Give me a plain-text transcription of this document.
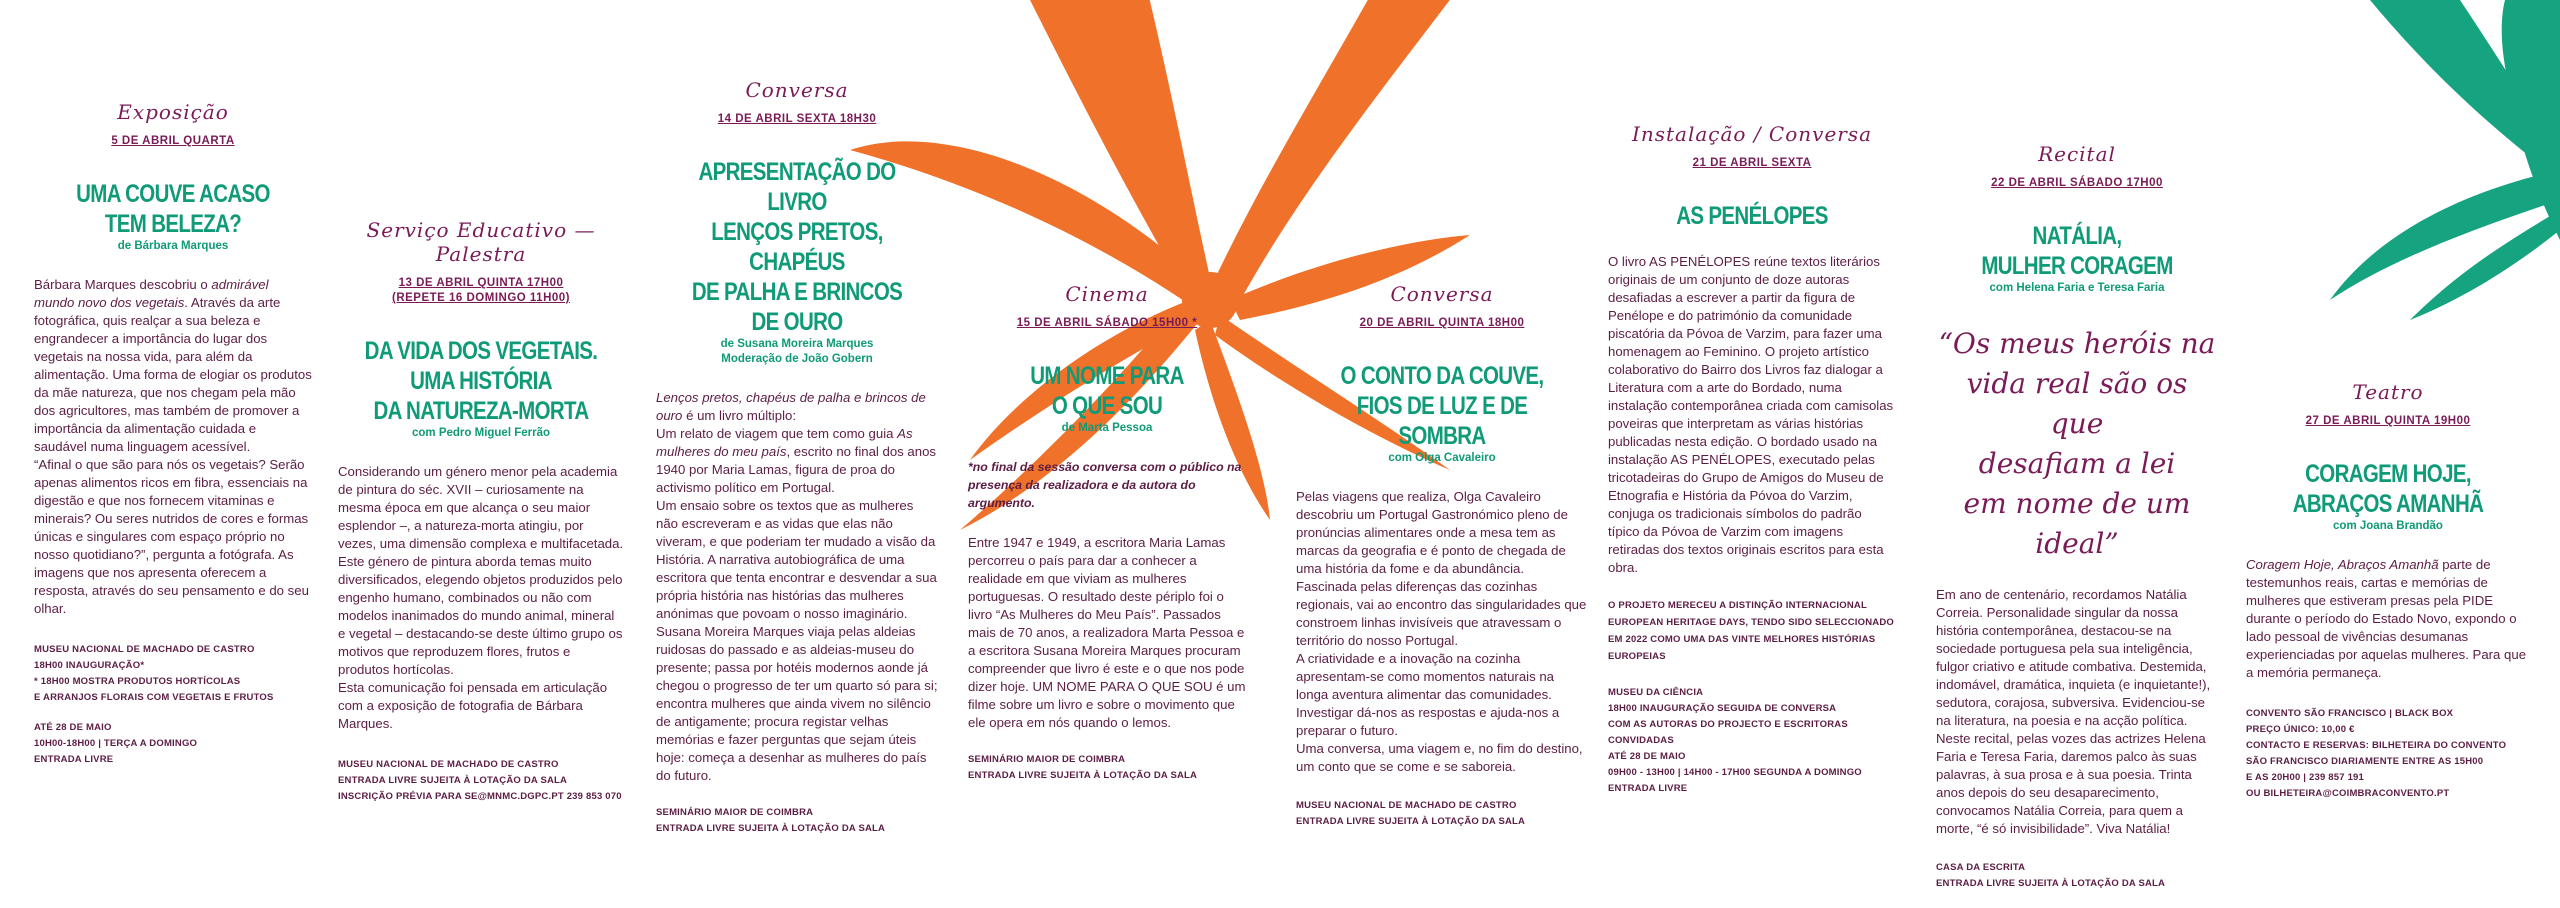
Exposição
5 DE ABRIL QUARTA
UMA COUVE ACASO
TEM BELEZA?
de Bárbara Marques

Bárbara Marques descobriu o admirável mundo novo dos vegetais. Através da arte fotográfica, quis realçar a sua beleza e engrandecer a importância do lugar dos vegetais na nossa vida, para além da alimentação. Uma forma de elogiar os produtos da mãe natureza, que nos chegam pela mão dos agricultores, mas também de promover a importância da alimentação cuidada e saudável numa linguagem acessível.

“Afinal o que são para nós os vegetais? Serão apenas alimentos ricos em fibra, essenciais na digestão e que nos fornecem vitaminas e minerais? Ou seres nutridos de cores e formas únicas e singulares com espaço próprio no nosso quotidiano?”, pergunta a fotógrafa. As imagens que nos apresenta oferecem a resposta, através do seu pensamento e do seu olhar.

MUSEU NACIONAL DE MACHADO DE CASTRO

18H00 INAUGURAÇÃO*

* 18H00 MOSTRA PRODUTOS HORTÍCOLAS

E ARRANJOS FLORAIS COM VEGETAIS E FRUTOS

ATÉ 28 DE MAIO

10H00-18H00 | TERÇA A DOMINGO

ENTRADA LIVRE

Serviço Educativo — Palestra
13 DE ABRIL QUINTA 17H00
(REPETE 16 DOMINGO 11H00)
DA VIDA DOS VEGETAIS.
UMA HISTÓRIA
DA NATUREZA-MORTA
com Pedro Miguel Ferrão

Considerando um género menor pela academia de pintura do séc. XVII – curiosamente na mesma época em que alcança o seu maior esplendor –, a natureza-morta atingiu, por vezes, uma dimensão complexa e multifacetada. Este género de pintura aborda temas muito diversificados, elegendo objetos produzidos pelo engenho humano, combinados ou não com modelos inanimados do mundo animal, mineral e vegetal – destacando-se deste último grupo os motivos que reproduzem flores, frutos e produtos hortícolas.

Esta comunicação foi pensada em articulação com a exposição de fotografia de Bárbara Marques.

MUSEU NACIONAL DE MACHADO DE CASTRO

ENTRADA LIVRE SUJEITA À LOTAÇÃO DA SALA

INSCRIÇÃO PRÉVIA PARA SE@MNMC.DGPC.PT 239 853 070

Conversa
14 DE ABRIL SEXTA 18H30
APRESENTAÇÃO DO LIVRO
LENÇOS PRETOS, CHAPÉUS
DE PALHA E BRINCOS DE OURO
de Susana Moreira Marques
Moderação de João Gobern

Lenços pretos, chapéus de palha e brincos de ouro é um livro múltiplo:

Um relato de viagem que tem como guia As mulheres do meu país, escrito no final dos anos 1940 por Maria Lamas, figura de proa do activismo político em Portugal.

Um ensaio sobre os textos que as mulheres não escreveram e as vidas que elas não viveram, e que poderiam ter mudado a visão da História. A narrativa autobiográfica de uma escritora que tenta encontrar e desvendar a sua própria história nas histórias das mulheres anónimas que povoam o nosso imaginário.

Susana Moreira Marques viaja pelas aldeias ruidosas do passado e as aldeias-museu do presente; passa por hotéis modernos aonde já chegou o progresso de ter um quarto só para si; encontra mulheres que ainda vivem no silêncio de antigamente; procura registar velhas memórias e fazer perguntas que sejam úteis hoje: começa a desenhar as mulheres do país do futuro.

SEMINÁRIO MAIOR DE COIMBRA

ENTRADA LIVRE SUJEITA À LOTAÇÃO DA SALA

Cinema
15 DE ABRIL SÁBADO 15H00 *
UM NOME PARA
O QUE SOU
de Marta Pessoa
*no final da sessão conversa com o público na presença da realizadora e da autora do argumento.
Entre 1947 e 1949, a escritora Maria Lamas percorreu o país para dar a conhecer a realidade em que viviam as mulheres portuguesas. O resultado deste périplo foi o livro “As Mulheres do Meu País”. Passados mais de 70 anos, a realizadora Marta Pessoa e a escritora Susana Moreira Marques procuram compreender que livro é este e o que nos pode dizer hoje. UM NOME PARA O QUE SOU é um filme sobre um livro e sobre o movimento que ele opera em nós quando o lemos.

SEMINÁRIO MAIOR DE COIMBRA

ENTRADA LIVRE SUJEITA À LOTAÇÃO DA SALA

Conversa
20 DE ABRIL QUINTA 18H00
O CONTO DA COUVE,
FIOS DE LUZ E DE SOMBRA
com Olga Cavaleiro

Pelas viagens que realiza, Olga Cavaleiro descobriu um Portugal Gastronómico pleno de pronúncias alimentares onde a mesa tem as marcas da geografia e é ponto de chegada de uma história da fome e da abundância. Fascinada pelas diferenças das cozinhas regionais, vai ao encontro das singularidades que constroem linhas invisíveis que atravessam o território do nosso Portugal.

A criatividade e a inovação na cozinha apresentam-se como momentos naturais na longa aventura alimentar das comunidades. Investigar dá-nos as respostas e ajuda-nos a preparar o futuro.

Uma conversa, uma viagem e, no fim do destino, um conto que se come e se saboreia.

MUSEU NACIONAL DE MACHADO DE CASTRO

ENTRADA LIVRE SUJEITA À LOTAÇÃO DA SALA

Instalação / Conversa
21 DE ABRIL SEXTA
AS PENÉLOPES
O livro AS PENÉLOPES reúne textos literários originais de um conjunto de doze autoras desafiadas a escrever a partir da figura de Penélope e do património da comunidade piscatória da Póvoa de Varzim, para fazer uma homenagem ao Feminino. O projeto artístico colaborativo do Bairro dos Livros faz dialogar a Literatura com a arte do Bordado, numa instalação contemporânea criada com camisolas poveiras que interpretam as várias histórias publicadas nesta edição. O bordado usado na instalação AS PENÉLOPES, executado pelas tricotadeiras do Grupo de Amigos do Museu de Etnografia e História da Póvoa do Varzim, conjuga os tradicionais símbolos do padrão típico da Póvoa de Varzim com imagens retiradas dos textos originais escritos para esta obra.
O PROJETO MERECEU A DISTINÇÃO INTERNACIONAL EUROPEAN HERITAGE DAYS, TENDO SIDO SELECCIONADO EM 2022 COMO UMA DAS VINTE MELHORES HISTÓRIAS EUROPEIAS

MUSEU DA CIÊNCIA

18H00 INAUGURAÇÃO SEGUIDA DE CONVERSA

COM AS AUTORAS DO PROJECTO E ESCRITORAS CONVIDADAS

ATÉ 28 DE MAIO

09H00 - 13H00 | 14H00 - 17H00 SEGUNDA A DOMINGO

ENTRADA LIVRE

Recital
22 DE ABRIL SÁBADO 17H00
NATÁLIA,
MULHER CORAGEM
com Helena Faria e Teresa Faria
“Os meus heróis na
vida real são os que
desafiam a lei
em nome de um ideal”
Em ano de centenário, recordamos Natália Correia. Personalidade singular da nossa história contemporânea, destacou-se na sociedade portuguesa pela sua inteligência, fulgor criativo e atitude combativa. Destemida, indomável, dramática, inquieta (e inquietante!), sedutora, corajosa, subversiva. Evidenciou-se na literatura, na poesia e na acção política. Neste recital, pelas vozes das actrizes Helena Faria e Teresa Faria, daremos palco às suas palavras, à sua prosa e à sua poesia. Trinta anos depois do seu desaparecimento, convocamos Natália Correia, para quem a morte, “é só invisibilidade”. Viva Natália!

CASA DA ESCRITA

ENTRADA LIVRE SUJEITA À LOTAÇÃO DA SALA

Teatro
27 DE ABRIL QUINTA 19H00
CORAGEM HOJE,
ABRAÇOS AMANHÃ
com Joana Brandão

Coragem Hoje, Abraços Amanhã parte de testemunhos reais, cartas e memórias de mulheres que estiveram presas pela PIDE durante o período do Estado Novo, expondo o lado pessoal de vivências desumanas experienciadas por aquelas mulheres. Para que a memória permaneça.

CONVENTO SÃO FRANCISCO | BLACK BOX

PREÇO ÚNICO: 10,00 €

CONTACTO E RESERVAS: BILHETEIRA DO CONVENTO

SÃO FRANCISCO DIARIAMENTE ENTRE AS 15H00

E AS 20H00 | 239 857 191

OU BILHETEIRA@COIMBRACONVENTO.PT
